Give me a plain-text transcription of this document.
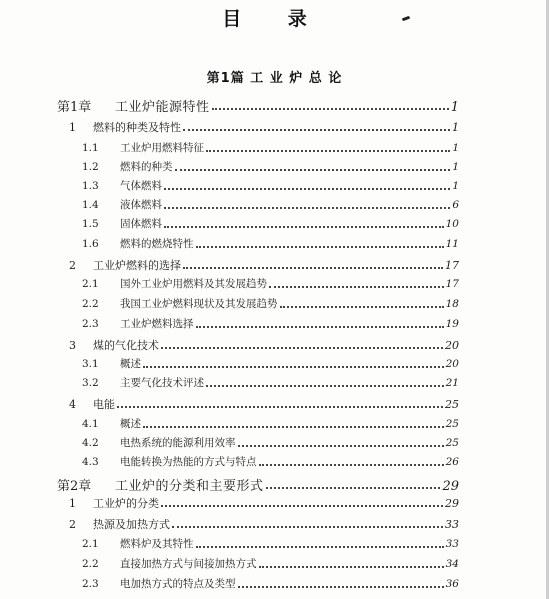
目 录
第1篇 工 业 炉 总 论
第1章	工业炉能源特性	1
1	燃料的种类及特性	1
1.1	工业炉用燃料特征	1
1.2	燃料的种类	1
1.3	气体燃料	1
1.4	液体燃料	6
1.5	固体燃料	10
1.6	燃料的燃烧特性	11
2	工业炉燃料的选择	17
2.1	国外工业炉用燃料及其发展趋势	17
2.2	我国工业炉燃料现状及其发展趋势	18
2.3	工业炉燃料选择	19
3	煤的气化技术	20
3.1	概述	20
3.2	主要气化技术评述	21
4	电能	25
4.1	概述	25
4.2	电热系统的能源利用效率	25
4.3	电能转换为热能的方式与特点	26
第2章	工业炉的分类和主要形式	29
1	工业炉的分类	29
2	热源及加热方式	33
2.1	燃料炉及其特性	33
2.2	直接加热方式与间接加热方式	34
2.3	电加热方式的特点及类型	36
